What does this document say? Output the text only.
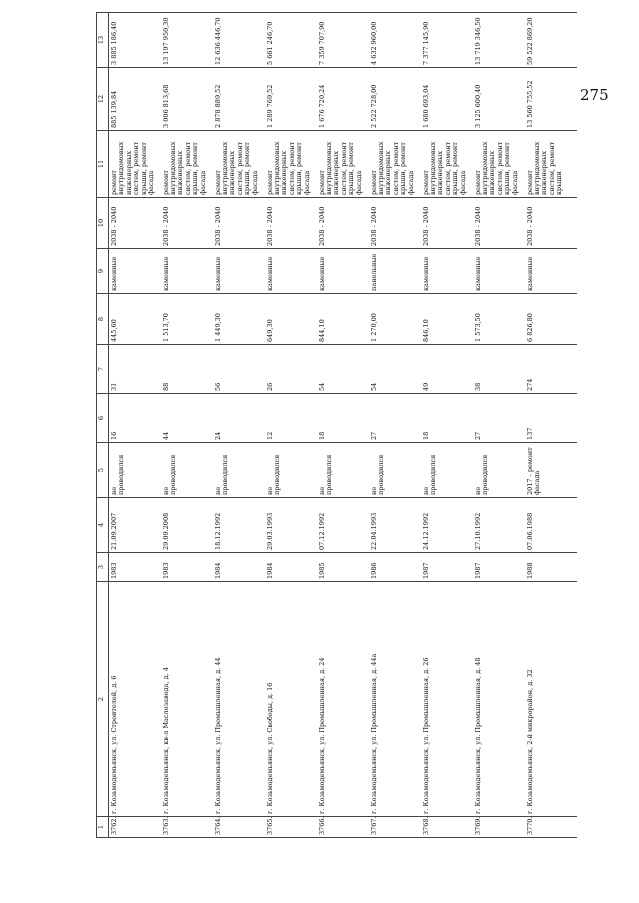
275
1	2	3	4	5	6	7	8	9	10	11	12	13
3762.	г. Козьмодемьянск, ул. Строителей, д. 6	1983	21.09.2007	не проводился	16	31	445,60	каменные	2038 - 2040	ремонт внутридомовых инженерных систем, ремонт крыши, ремонт фасада	885 139,84	3 885 186,40
3763.	г. Козьмодемьянск, кв-л Маслозавода, д. 4	1983	29.09.2008	не проводился	44	88	1 513,70	каменные	2038 - 2040	ремонт внутридомовых инженерных систем, ремонт крыши, ремонт фасада	3 006 813,68	13 197 950,30
3764.	г. Козьмодемьянск, ул. Промышленная, д. 44	1984	18.12.1992	не проводился	24	56	1 449,30	каменные	2038 - 2040	ремонт внутридомовых инженерных систем, ремонт крыши, ремонт фасада	2 878 889,52	12 636 446,70
3765.	г. Козьмодемьянск, ул. Свободы, д. 16	1984	29.03.1993	не проводился	12	26	649,30	каменные	2038 - 2040	ремонт внутридомовых инженерных систем, ремонт крыши, ремонт фасада	1 289 769,52	5 661 246,70
3766.	г. Козьмодемьянск, ул. Промышленная, д. 24	1985	07.12.1992	не проводился	18	54	844,10	каменные	2038 - 2040	ремонт внутридомовых инженерных систем, ремонт крыши, ремонт фасада	1 676 720,24	7 359 707,90
3767.	г. Козьмодемьянск, ул. Промышленная, д. 44а	1986	22.04.1993	не проводился	27	54	1 270,00	панельные	2038 - 2040	ремонт внутридомовых инженерных систем, ремонт крыши, ремонт фасада	2 522 728,00	4 632 960,00
3768.	г. Козьмодемьянск, ул. Промышленная, д. 26	1987	24.12.1992	не проводился	18	49	846,10	каменные	2038 - 2040	ремонт внутридомовых инженерных систем, ремонт крыши, ремонт фасада	1 680 693,04	7 377 145,90
3769.	г. Козьмодемьянск, ул. Промышленная, д. 48	1987	27.10.1992	не проводился	27	38	1 573,50	каменные	2038 - 2040	ремонт внутридомовых инженерных систем, ремонт крыши, ремонт фасада	3 125 600,40	13 719 346,50
3770.	г. Козьмодемьянск, 2-й микрорайон, д. 32	1988	07.06.1988	2017 - ремонт фасада	137	274	6 826,80	каменные	2038 - 2040	ремонт внутридомовых инженерных систем, ремонт крыши	13 560 755,52	59 522 869,20
